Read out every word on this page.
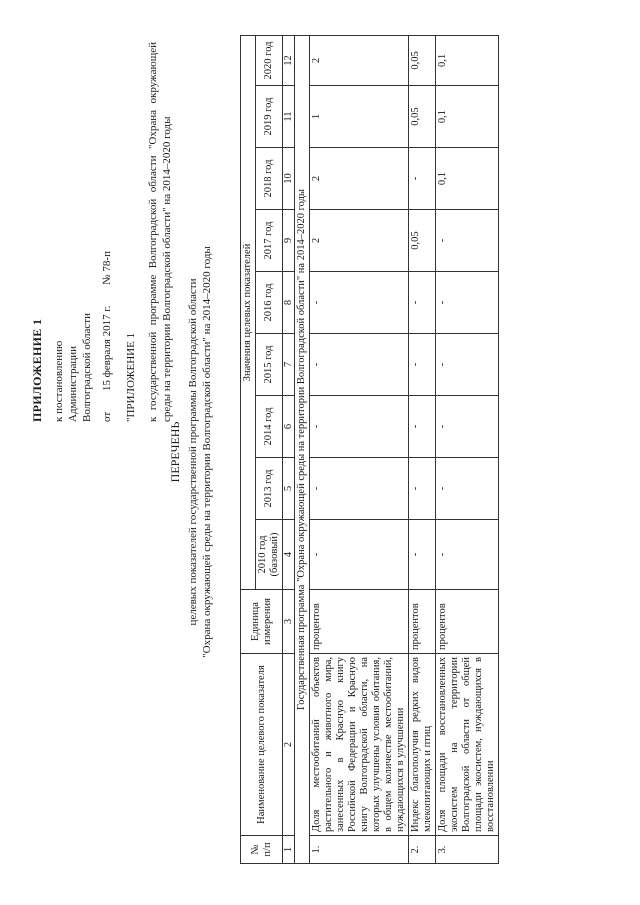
ПРИЛОЖЕНИЕ 1 к постановлению Администрации Волгоградской области от 15 февраля 2017 г. № 78-п
"ПРИЛОЖЕНИЕ 1 к государственной программе Волгоградской области "Охрана окружающей среды на территории Волгоградской области" на 2014–2020 годы
ПЕРЕЧЕНЬ целевых показателей государственной программы Волгоградской области "Охрана окружающей среды на территории Волгоградской области" на 2014–2020 годы
№ п/п	Наименование целевого показателя	Единица измерения	Значения целевых показателей								
			2010 год (базовый)	2013 год	2014 год	2015 год	2016 год	2017 год	2018 год	2019 год	2020 год
1	2	3	4	5	6	7	8	9	10	11	12
Государственная программа "Охрана окружающей среды на территории Волгоградской области" на 2014–2020 годы											
1.	Доля местообитаний объектов растительного и животного мира, занесенных в Красную книгу Российской Федерации и Красную книгу Волгоградской области, на которых улучшены условия обитания, в общем количестве местообитаний, нуждающихся в улучшении	процентов	-	-	-	-	-	2	2	1	2
2.	Индекс благополучия редких видов млекопитающих и птиц	процентов	-	-	-	-	-	0,05	-	0,05	0,05
3.	Доля площади восстановленных экосистем на территории Волгоградской области от общей площади экосистем, нуждающихся в восстановлении	процентов	-	-	-	-	-	-	0,1	0,1	0,1
